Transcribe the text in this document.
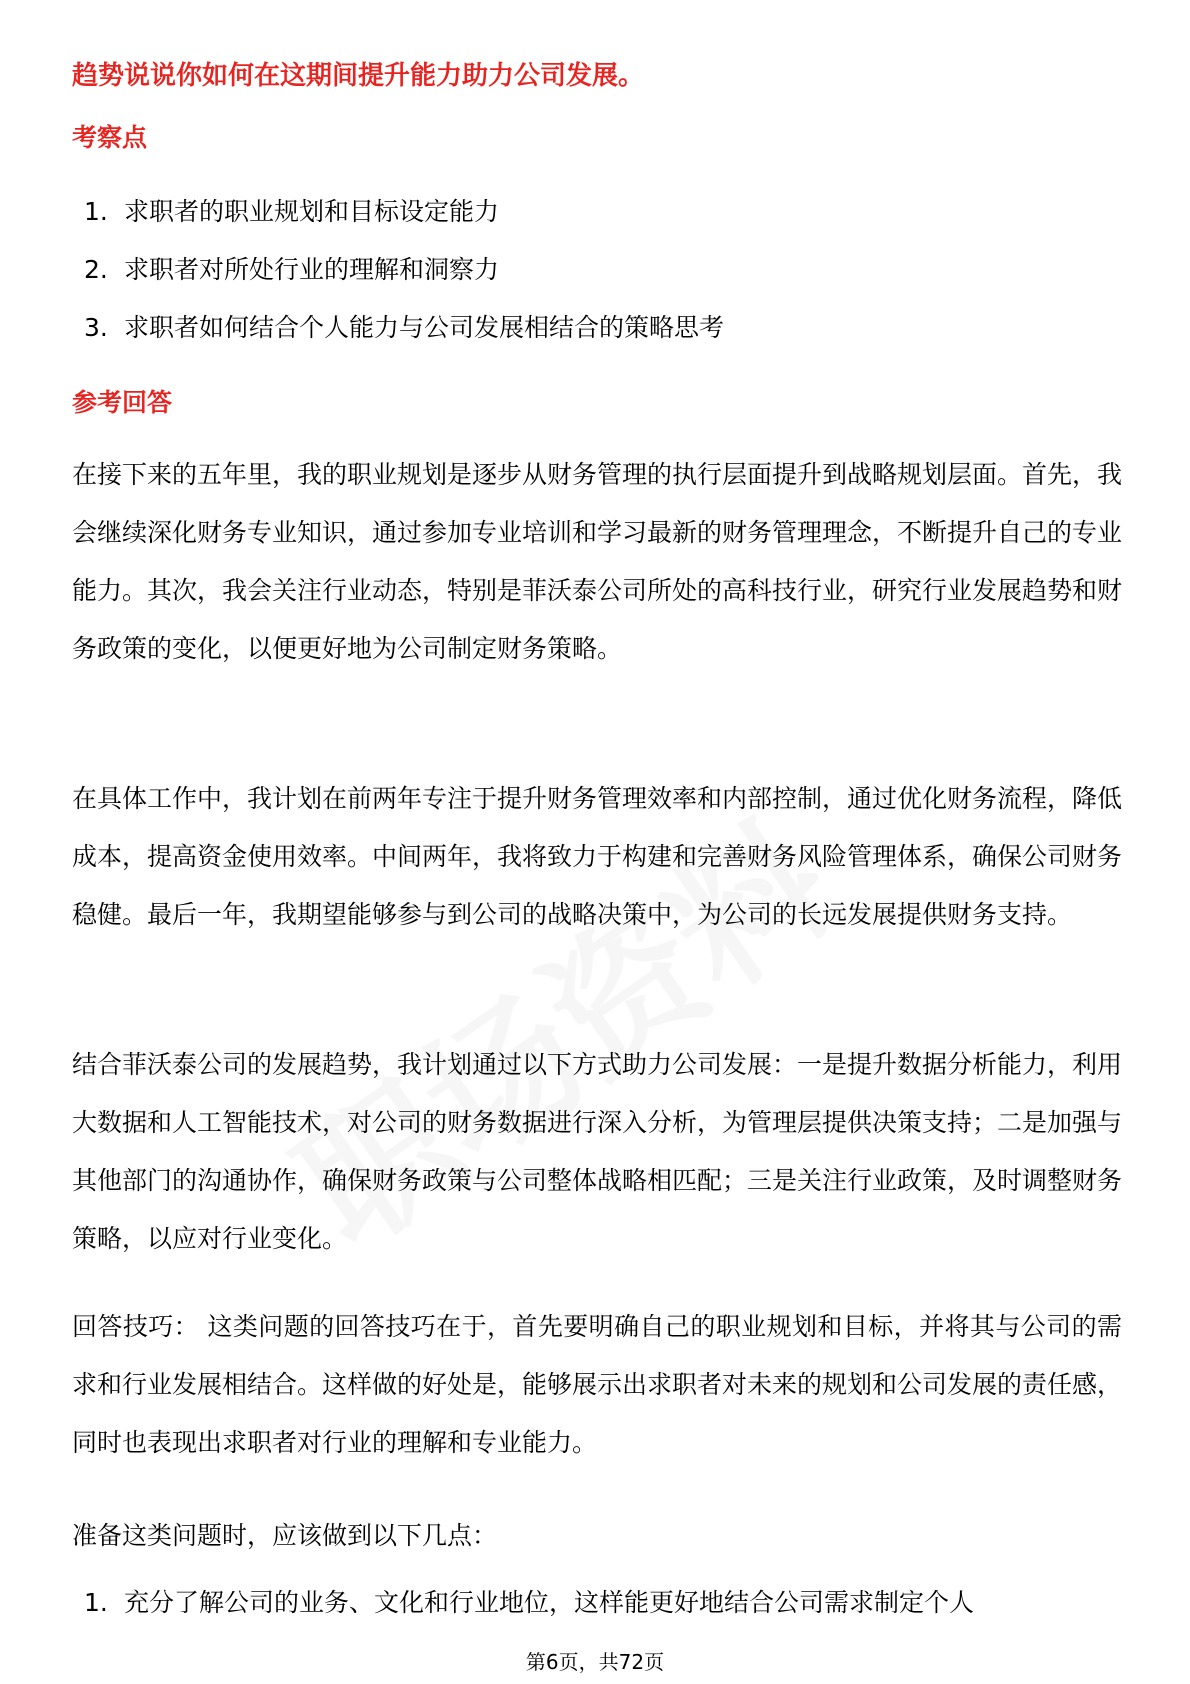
趋势说说你如何在这期间提升能力助力公司发展。
考察点
1. 求职者的职业规划和目标设定能力
2. 求职者对所处行业的理解和洞察力
3. 求职者如何结合个人能力与公司发展相结合的策略思考
参考回答
在接下来的五年里，我的职业规划是逐步从财务管理的执行层面提升到战略规划层面。首先，我会继续深化财务专业知识，通过参加专业培训和学习最新的财务管理理念，不断提升自己的专业能力。其次，我会关注行业动态，特别是菲沃泰公司所处的高科技行业，研究行业发展趋势和财务政策的变化，以便更好地为公司制定财务策略。
在具体工作中，我计划在前两年专注于提升财务管理效率和内部控制，通过优化财务流程，降低成本，提高资金使用效率。中间两年，我将致力于构建和完善财务风险管理体系，确保公司财务稳健。最后一年，我期望能够参与到公司的战略决策中，为公司的长远发展提供财务支持。
结合菲沃泰公司的发展趋势，我计划通过以下方式助力公司发展：一是提升数据分析能力，利用大数据和人工智能技术，对公司的财务数据进行深入分析，为管理层提供决策支持；二是加强与其他部门的沟通协作，确保财务政策与公司整体战略相匹配；三是关注行业政策，及时调整财务策略，以应对行业变化。
回答技巧： 这类问题的回答技巧在于，首先要明确自己的职业规划和目标，并将其与公司的需求和行业发展相结合。这样做的好处是，能够展示出求职者对未来的规划和公司发展的责任感，同时也表现出求职者对行业的理解和专业能力。
准备这类问题时，应该做到以下几点：
1. 充分了解公司的业务、文化和行业地位，这样能更好地结合公司需求制定个人
第6页，共72页
